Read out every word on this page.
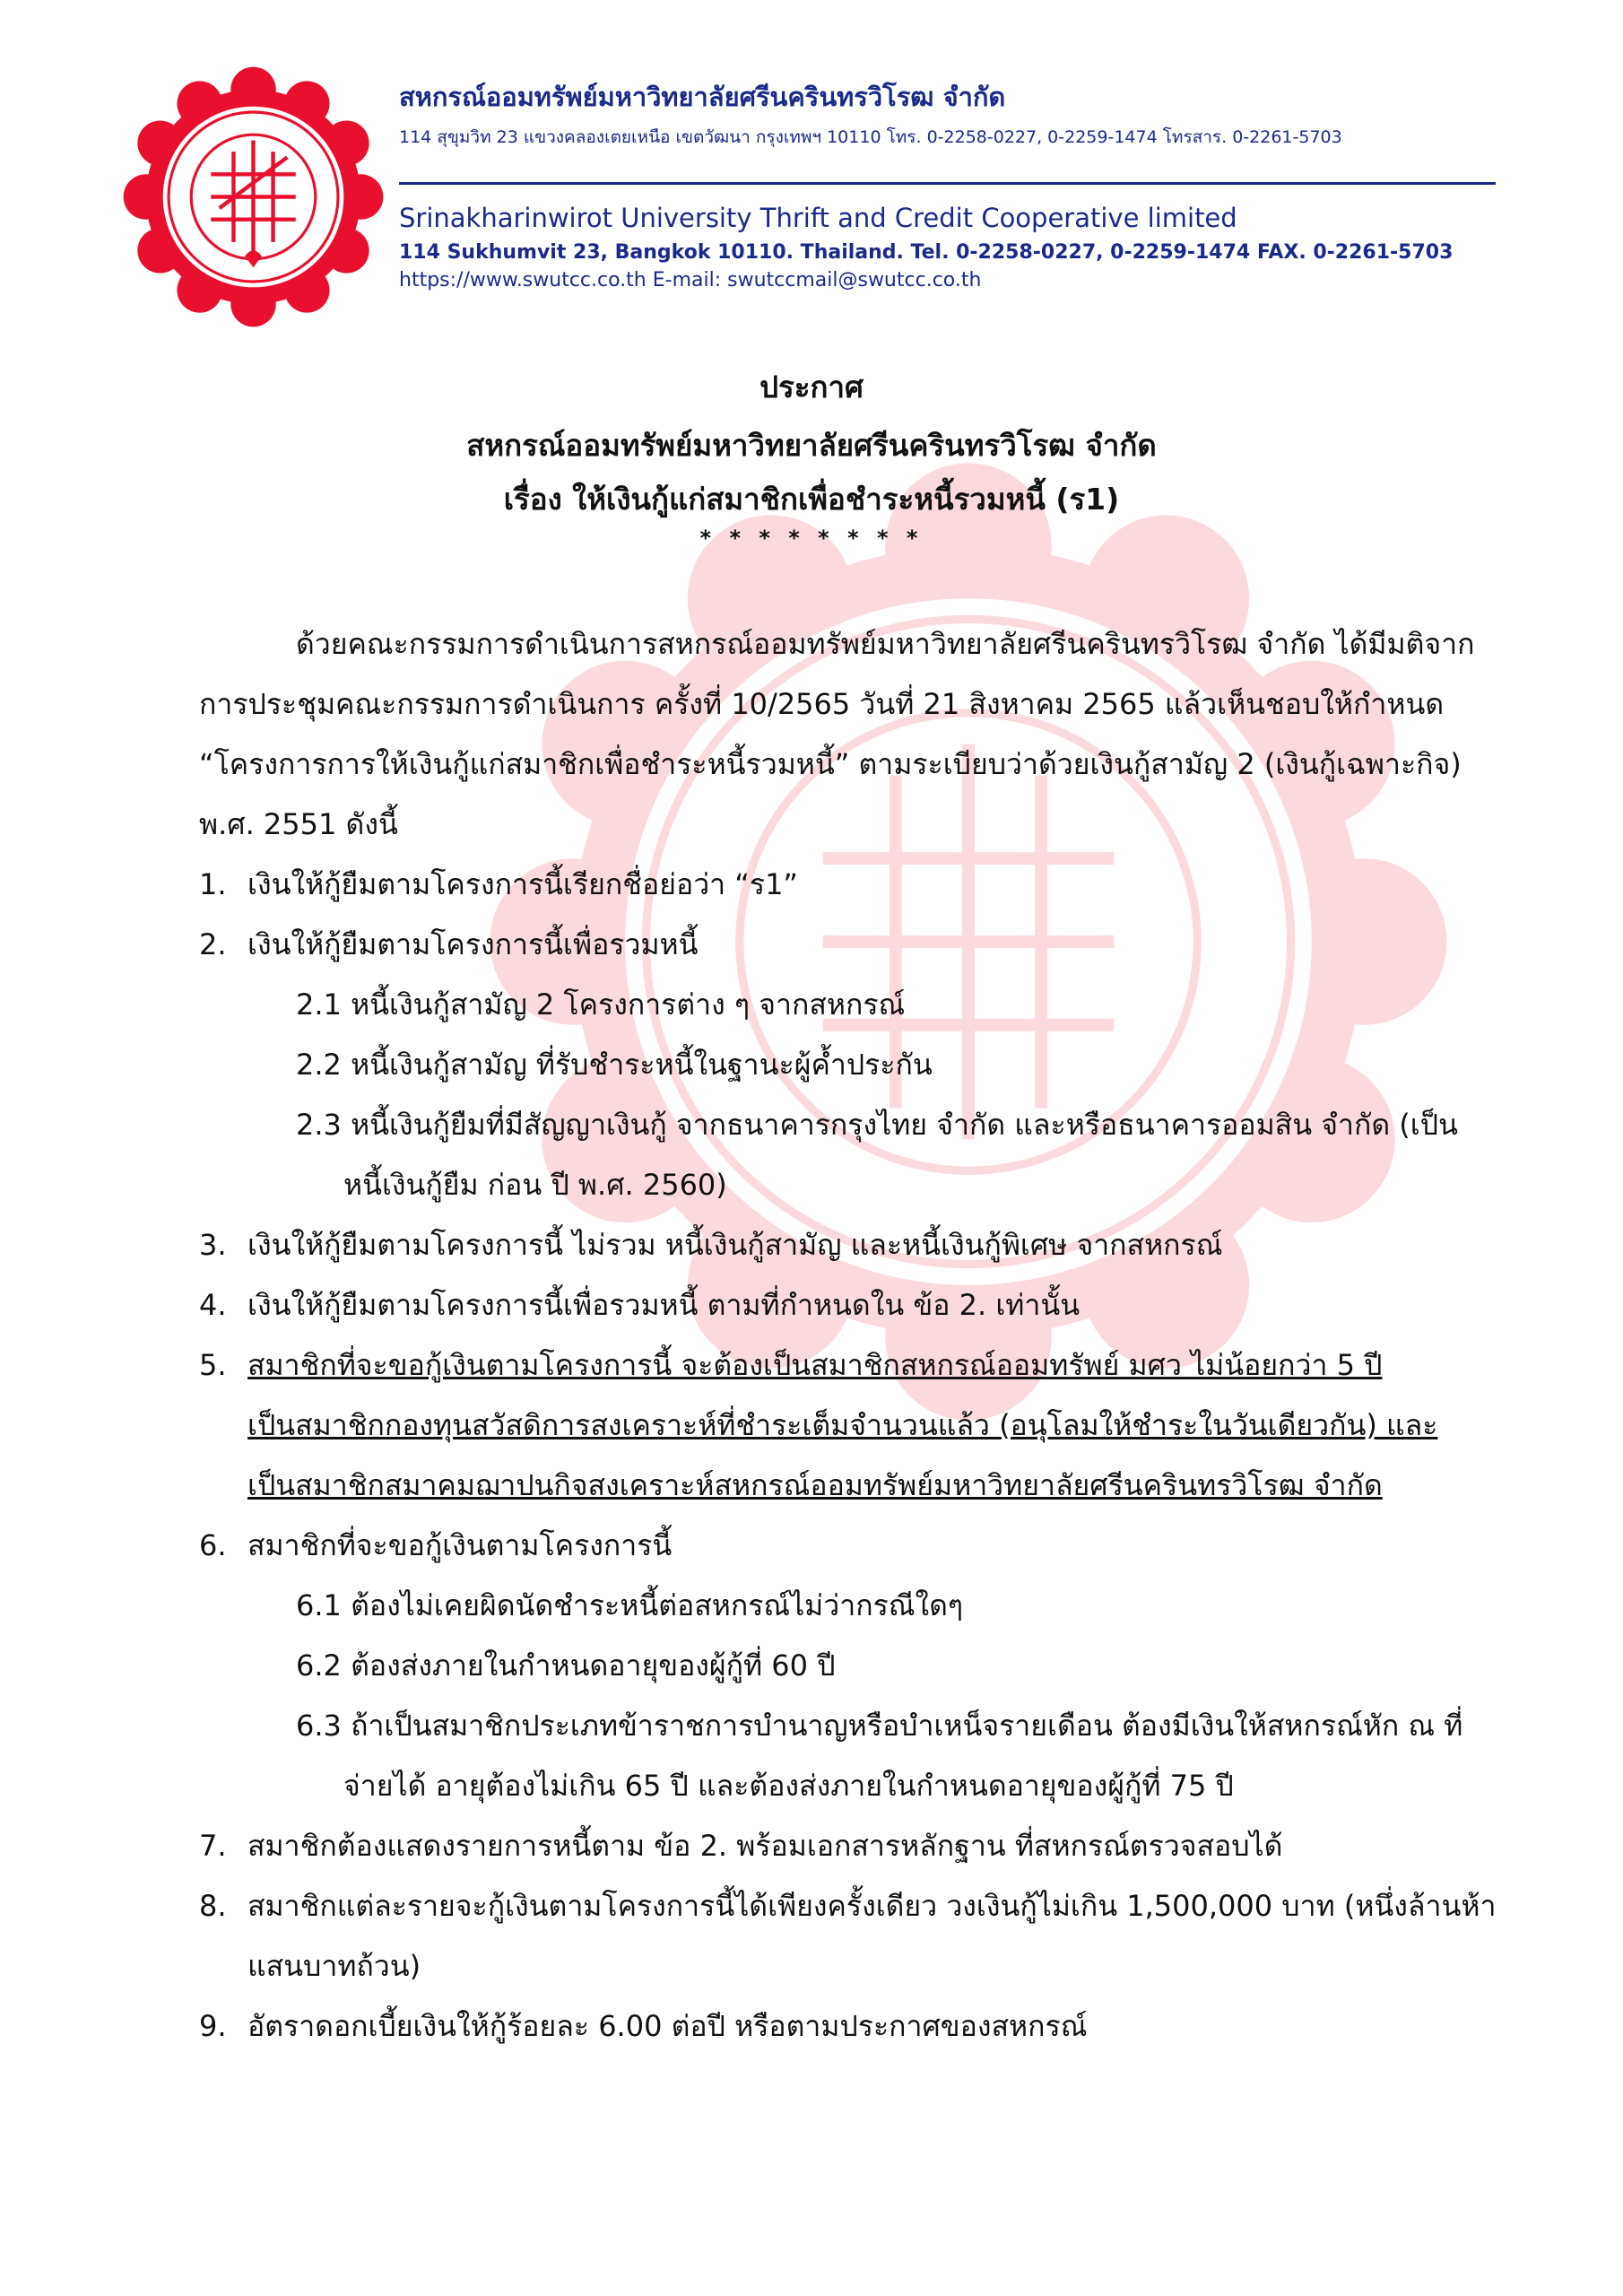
สหกรณ์ออมทรัพย์มหาวิทยาลัยศรีนครินทรวิโรฒ จำกัด
114 สุขุมวิท 23 แขวงคลองเตยเหนือ เขตวัฒนา กรุงเทพฯ 10110 โทร. 0-2258-0227, 0-2259-1474 โทรสาร. 0-2261-5703
Srinakharinwirot University Thrift and Credit Cooperative limited
114 Sukhumvit 23, Bangkok 10110. Thailand. Tel. 0-2258-0227, 0-2259-1474 FAX. 0-2261-5703
https://www.swutcc.co.th E-mail: swutccmail@swutcc.co.th
ประกาศ
สหกรณ์ออมทรัพย์มหาวิทยาลัยศรีนครินทรวิโรฒ จำกัด
เรื่อง ให้เงินกู้แก่สมาชิกเพื่อชำระหนี้รวมหนี้ (ร1)
* * * * * * * *
ด้วยคณะกรรมการดำเนินการสหกรณ์ออมทรัพย์มหาวิทยาลัยศรีนครินทรวิโรฒ จำกัด ได้มีมติจาก
การประชุมคณะกรรมการดำเนินการ ครั้งที่ 10/2565 วันที่ 21 สิงหาคม 2565 แล้วเห็นชอบให้กำหนด
“โครงการการให้เงินกู้แก่สมาชิกเพื่อชำระหนี้รวมหนี้” ตามระเบียบว่าด้วยเงินกู้สามัญ 2 (เงินกู้เฉพาะกิจ)
พ.ศ. 2551 ดังนี้
1. เงินให้กู้ยืมตามโครงการนี้เรียกชื่อย่อว่า “ร1”
2. เงินให้กู้ยืมตามโครงการนี้เพื่อรวมหนี้
2.1 หนี้เงินกู้สามัญ 2 โครงการต่าง ๆ จากสหกรณ์
2.2 หนี้เงินกู้สามัญ ที่รับชำระหนี้ในฐานะผู้ค้ำประกัน
2.3 หนี้เงินกู้ยืมที่มีสัญญาเงินกู้ จากธนาคารกรุงไทย จำกัด และหรือธนาคารออมสิน จำกัด (เป็น
หนี้เงินกู้ยืม ก่อน ปี พ.ศ. 2560)
3. เงินให้กู้ยืมตามโครงการนี้ ไม่รวม หนี้เงินกู้สามัญ และหนี้เงินกู้พิเศษ จากสหกรณ์
4. เงินให้กู้ยืมตามโครงการนี้เพื่อรวมหนี้ ตามที่กำหนดใน ข้อ 2. เท่านั้น
5. สมาชิกที่จะขอกู้เงินตามโครงการนี้ จะต้องเป็นสมาชิกสหกรณ์ออมทรัพย์ มศว ไม่น้อยกว่า 5 ปี
เป็นสมาชิกกองทุนสวัสดิการสงเคราะห์ที่ชำระเต็มจำนวนแล้ว (อนุโลมให้ชำระในวันเดียวกัน) และ
เป็นสมาชิกสมาคมฌาปนกิจสงเคราะห์สหกรณ์ออมทรัพย์มหาวิทยาลัยศรีนครินทรวิโรฒ จำกัด
6. สมาชิกที่จะขอกู้เงินตามโครงการนี้
6.1 ต้องไม่เคยผิดนัดชำระหนี้ต่อสหกรณ์ไม่ว่ากรณีใดๆ
6.2 ต้องส่งภายในกำหนดอายุของผู้กู้ที่ 60 ปี
6.3 ถ้าเป็นสมาชิกประเภทข้าราชการบำนาญหรือบำเหน็จรายเดือน ต้องมีเงินให้สหกรณ์หัก ณ ที่
จ่ายได้ อายุต้องไม่เกิน 65 ปี และต้องส่งภายในกำหนดอายุของผู้กู้ที่ 75 ปี
7. สมาชิกต้องแสดงรายการหนี้ตาม ข้อ 2. พร้อมเอกสารหลักฐาน ที่สหกรณ์ตรวจสอบได้
8. สมาชิกแต่ละรายจะกู้เงินตามโครงการนี้ได้เพียงครั้งเดียว วงเงินกู้ไม่เกิน 1,500,000 บาท (หนึ่งล้านห้า
แสนบาทถ้วน)
9. อัตราดอกเบี้ยเงินให้กู้ร้อยละ 6.00 ต่อปี หรือตามประกาศของสหกรณ์
